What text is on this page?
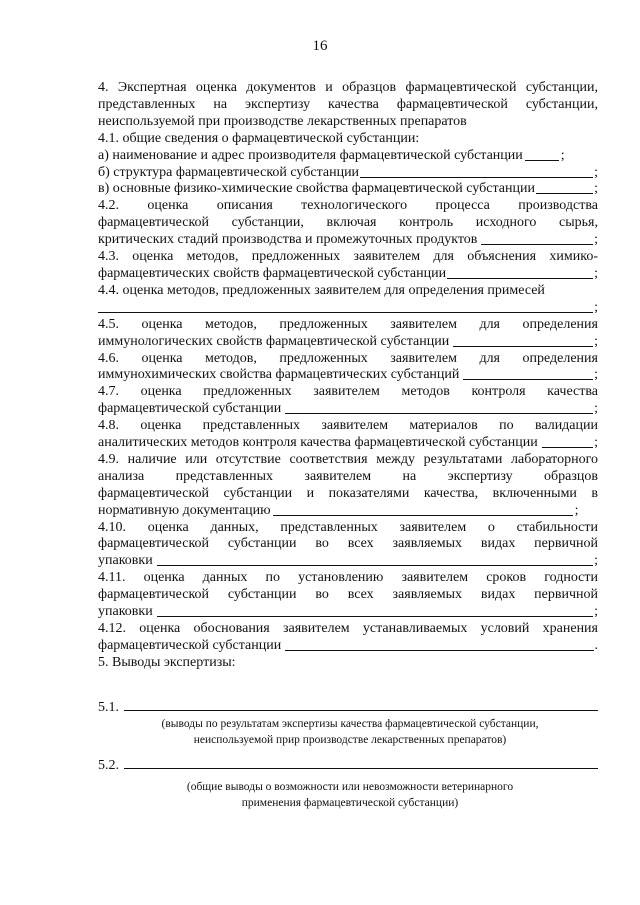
16

4. Экспертная оценка документов и образцов фармацевтической субстанции,

представленных на экспертизу качества фармацевтической субстанции,

неиспользуемой при производстве лекарственных препаратов

4.1. общие сведения о фармацевтической субстанции:

а) наименование и адрес производителя фармацевтической субстанции	;
б) структура фармацевтической субстанции	;
в) основные физико-химические свойства фармацевтической субстанции	;

4.2. оценка описания технологического процесса производства

фармацевтической субстанции, включая контроль исходного сырья,

критических стадий производства и промежуточных продуктов	;

4.3. оценка методов, предложенных заявителем для объяснения химико-

фармацевтических свойств фармацевтической субстанции	;

4.4. оценка методов, предложенных заявителем для определения примесей

;

4.5. оценка методов, предложенных заявителем для определения

иммунологических свойств фармацевтической субстанции	;

4.6. оценка методов, предложенных заявителем для определения

иммунохимических свойства фармацевтических субстанций	;

4.7. оценка предложенных заявителем методов контроля качества

фармацевтической субстанции	;

4.8. оценка представленных заявителем материалов по валидации

аналитических методов контроля качества фармацевтической субстанции	;

4.9. наличие или отсутствие соответствия между результатами лабораторного

анализа представленных заявителем на экспертизу образцов

фармацевтической субстанции и показателями качества, включенными в

нормативную документацию	;

4.10. оценка данных, представленных заявителем о стабильности

фармацевтической субстанции во всех заявляемых видах первичной

упаковки	;

4.11. оценка данных по установлению заявителем сроков годности

фармацевтической субстанции во всех заявляемых видах первичной

упаковки	;

4.12. оценка обоснования заявителем устанавливаемых условий хранения

фармацевтической субстанции	.

5. Выводы экспертизы:

5.1.
(выводы по результатам экспертизы качества фармацевтической субстанции,
неиспользуемой прир производстве лекарственных препаратов)
5.2.
(общие выводы о возможности или невозможности ветеринарного
применения фармацевтической субстанции)
